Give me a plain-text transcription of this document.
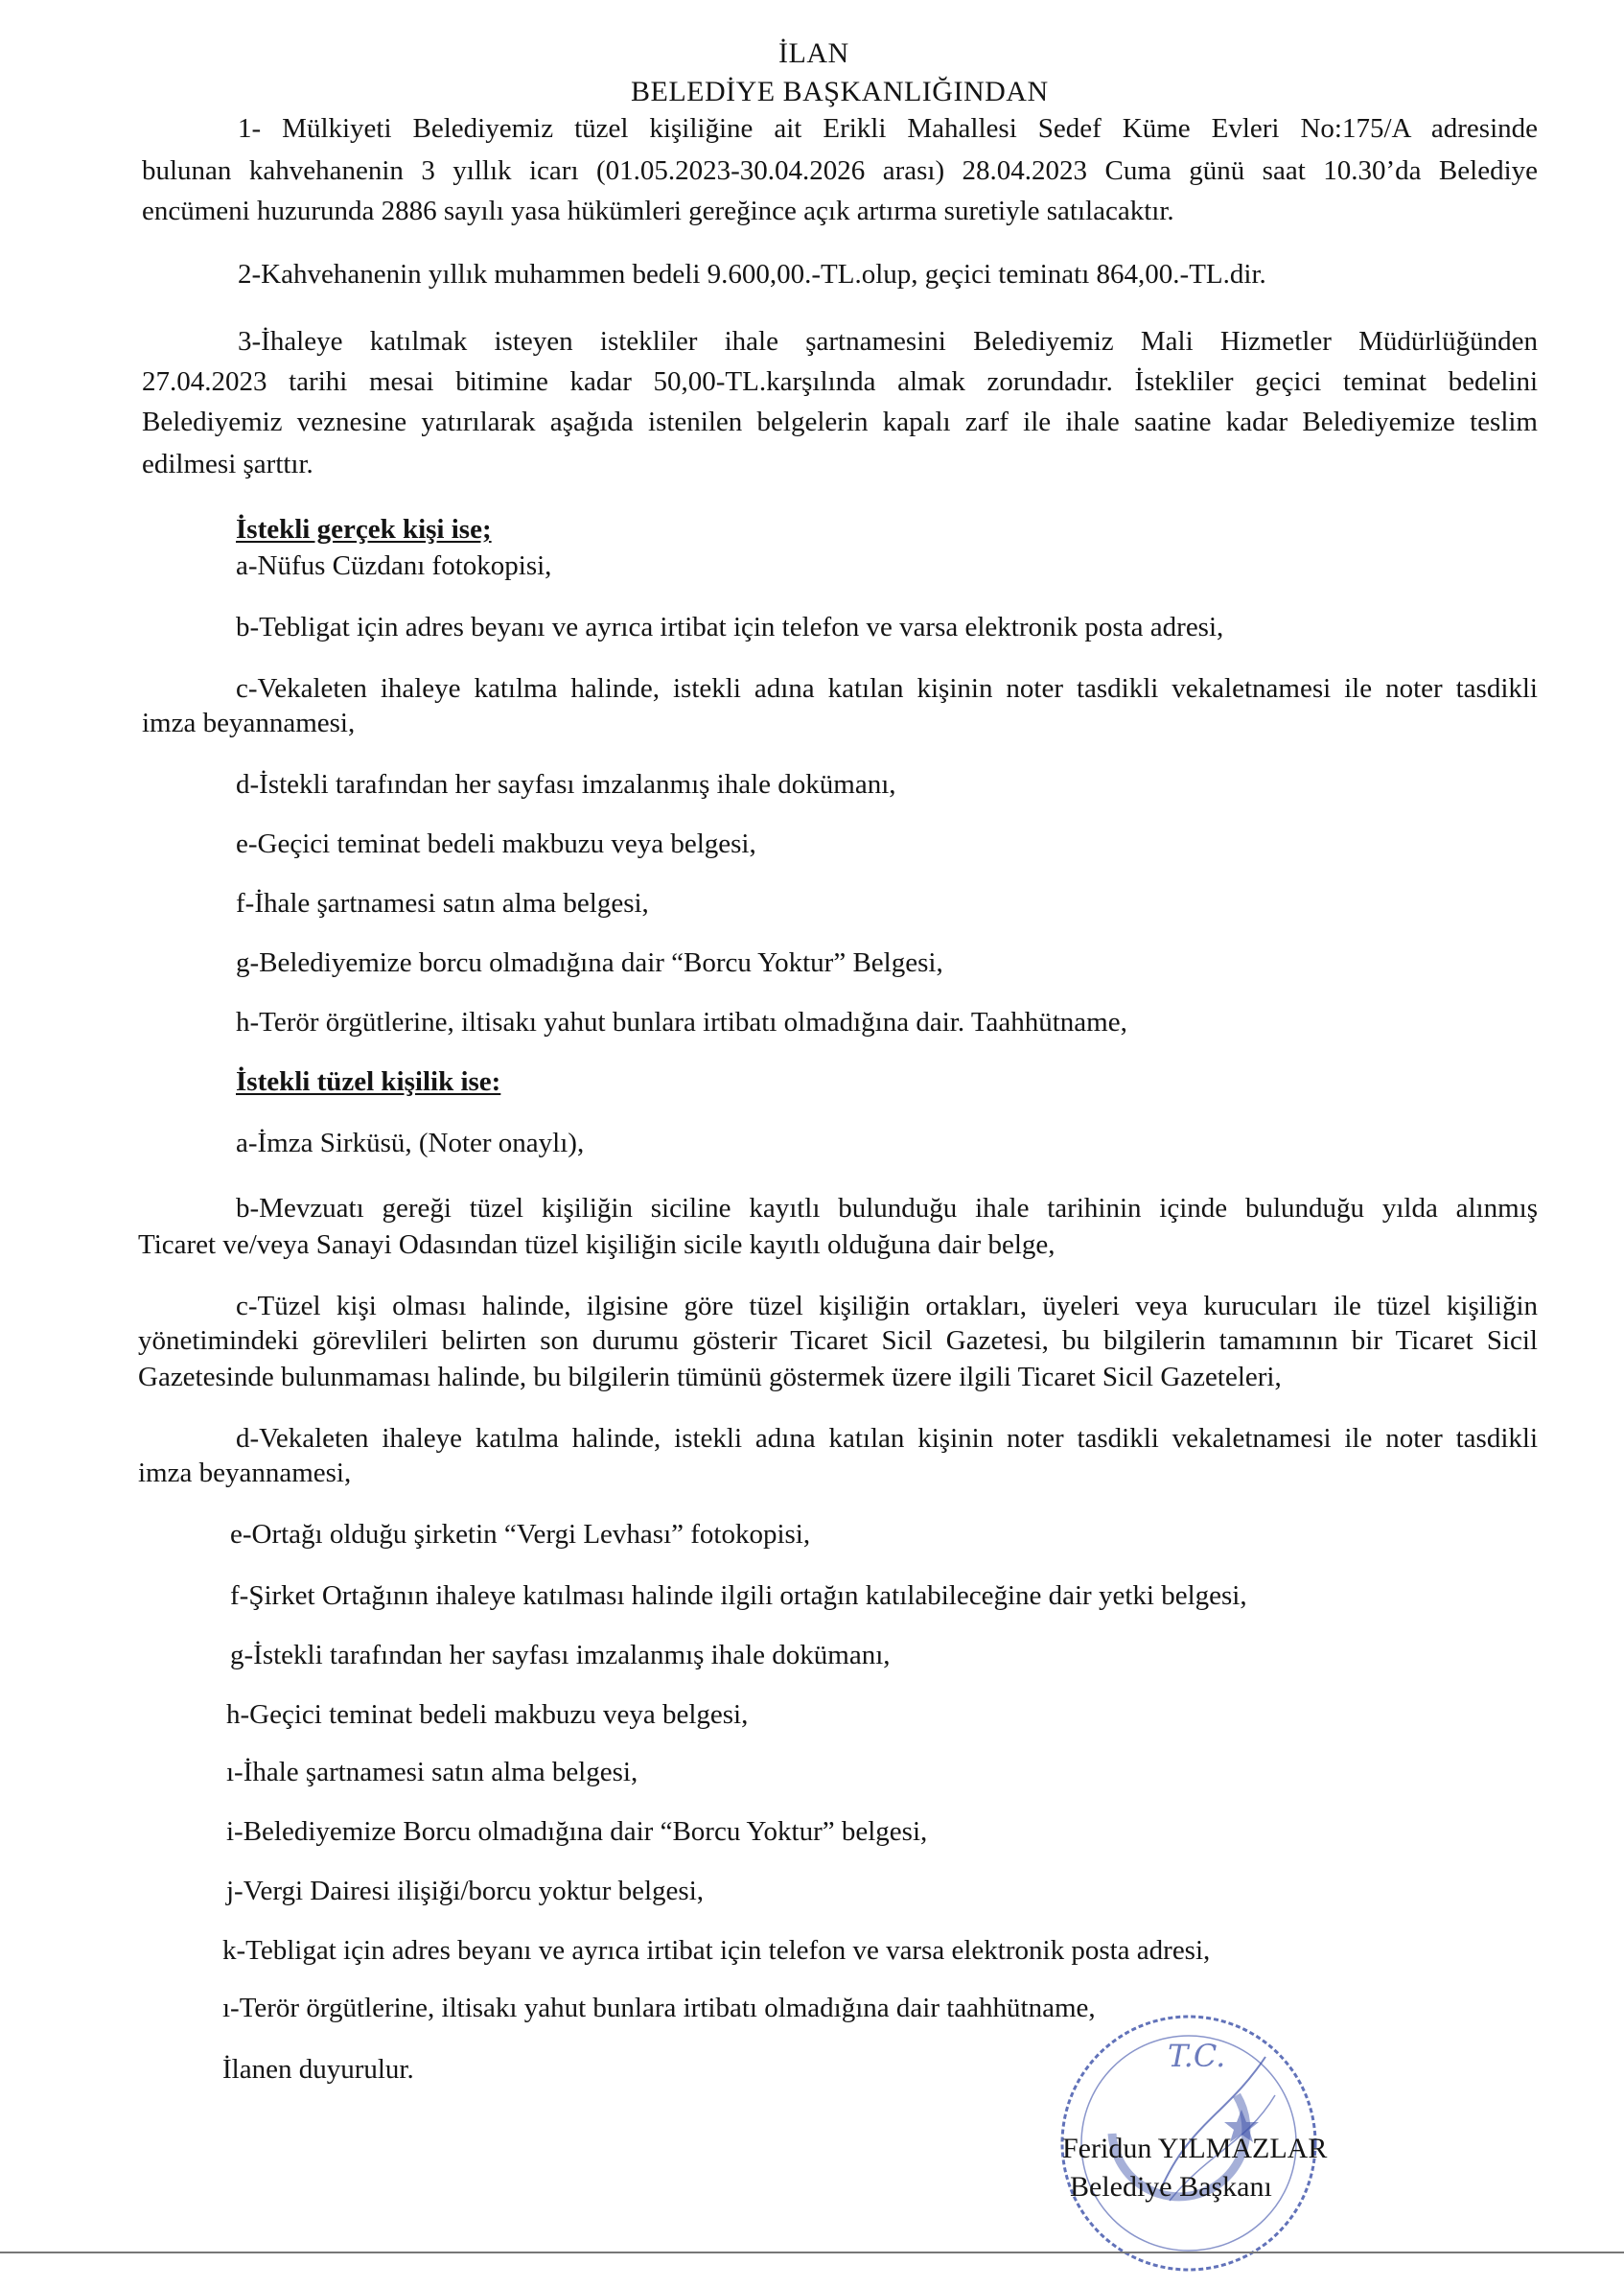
İLAN

BELEDİYE BAŞKANLIĞINDAN

1- Mülkiyeti Belediyemiz tüzel kişiliğine ait Erikli Mahallesi Sedef Küme Evleri No:175/A adresinde

bulunan kahvehanenin 3 yıllık icarı (01.05.2023-30.04.2026 arası) 28.04.2023 Cuma günü saat 10.30’da Belediye

encümeni huzurunda 2886 sayılı yasa hükümleri gereğince açık artırma suretiyle satılacaktır.

2-Kahvehanenin yıllık muhammen bedeli 9.600,00.-TL.olup, geçici teminatı 864,00.-TL.dir.

3-İhaleye katılmak isteyen istekliler ihale şartnamesini Belediyemiz Mali Hizmetler Müdürlüğünden

27.04.2023 tarihi mesai bitimine kadar 50,00-TL.karşılında almak zorundadır. İstekliler geçici teminat bedelini

Belediyemiz veznesine yatırılarak aşağıda istenilen belgelerin kapalı zarf ile ihale saatine kadar Belediyemize teslim

edilmesi şarttır.

İstekli gerçek kişi ise;

a-Nüfus Cüzdanı fotokopisi,

b-Tebligat için adres beyanı ve ayrıca irtibat için telefon ve varsa elektronik posta adresi,

c-Vekaleten ihaleye katılma halinde, istekli adına katılan kişinin noter tasdikli vekaletnamesi ile noter tasdikli

imza beyannamesi,

d-İstekli tarafından her sayfası imzalanmış ihale dokümanı,

e-Geçici teminat bedeli makbuzu veya belgesi,

f-İhale şartnamesi satın alma belgesi,

g-Belediyemize borcu olmadığına dair “Borcu Yoktur” Belgesi,

h-Terör örgütlerine, iltisakı yahut bunlara irtibatı olmadığına dair. Taahhütname,

İstekli tüzel kişilik ise:

a-İmza Sirküsü, (Noter onaylı),

b-Mevzuatı gereği tüzel kişiliğin siciline kayıtlı bulunduğu ihale tarihinin içinde bulunduğu yılda alınmış

Ticaret ve/veya Sanayi Odasından tüzel kişiliğin sicile kayıtlı olduğuna dair belge,

c-Tüzel kişi olması halinde, ilgisine göre tüzel kişiliğin ortakları, üyeleri veya kurucuları ile tüzel kişiliğin

yönetimindeki görevlileri belirten son durumu gösterir Ticaret Sicil Gazetesi, bu bilgilerin tamamının bir Ticaret Sicil

Gazetesinde bulunmaması halinde, bu bilgilerin tümünü göstermek üzere ilgili Ticaret Sicil Gazeteleri,

d-Vekaleten ihaleye katılma halinde, istekli adına katılan kişinin noter tasdikli vekaletnamesi ile noter tasdikli

imza beyannamesi,

e-Ortağı olduğu şirketin “Vergi Levhası” fotokopisi,

f-Şirket Ortağının ihaleye katılması halinde ilgili ortağın katılabileceğine dair yetki belgesi,

g-İstekli tarafından her sayfası imzalanmış ihale dokümanı,

h-Geçici teminat bedeli makbuzu veya belgesi,

ı-İhale şartnamesi satın alma belgesi,

i-Belediyemize Borcu olmadığına dair “Borcu Yoktur” belgesi,

j-Vergi Dairesi ilişiği/borcu yoktur belgesi,

k-Tebligat için adres beyanı ve ayrıca irtibat için telefon ve varsa elektronik posta adresi,

ı-Terör örgütlerine, iltisakı yahut bunlara irtibatı olmadığına dair taahhütname,

İlanen duyurulur.	T.C.
Feridun YILMAZLAR
Belediye Başkanı
